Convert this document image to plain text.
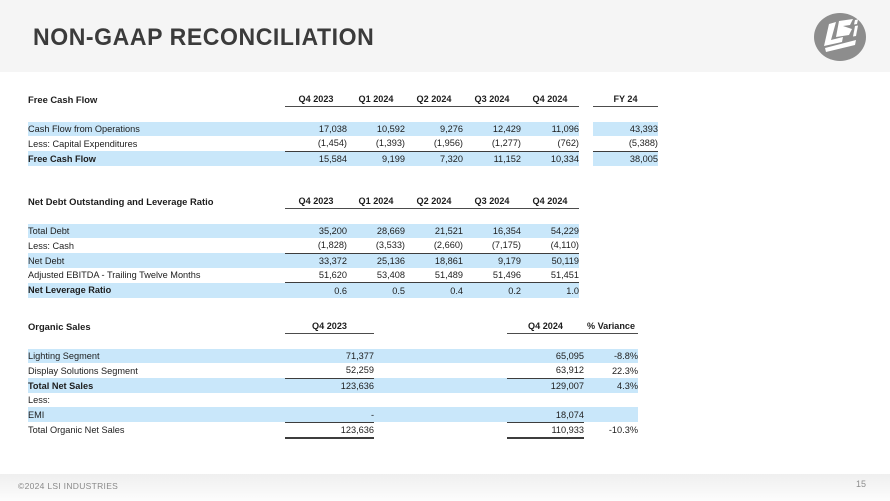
NON-GAAP RECONCILIATION
Free Cash Flow	Q4 2023	Q1 2024	Q2 2024	Q3 2024	Q4 2024		FY 24

Cash Flow from Operations	17,038	10,592	9,276	12,429	11,096		43,393
Less: Capital Expenditures	(1,454)	(1,393)	(1,956)	(1,277)	(762)		(5,388)
Free Cash Flow	15,584	9,199	7,320	11,152	10,334		38,005
Net Debt Outstanding and Leverage Ratio	Q4 2023	Q1 2024	Q2 2024	Q3 2024	Q4 2024

Total Debt	35,200	28,669	21,521	16,354	54,229
Less: Cash	(1,828)	(3,533)	(2,660)	(7,175)	(4,110)
Net Debt	33,372	25,136	18,861	9,179	50,119
Adjusted EBITDA - Trailing Twelve Months	51,620	53,408	51,489	51,496	51,451
Net Leverage Ratio	0.6	0.5	0.4	0.2	1.0
Organic Sales	Q4 2023		Q4 2024	% Variance

Lighting Segment	71,377		65,095	-8.8%
Display Solutions Segment	52,259		63,912	22.3%
Total Net Sales	123,636		129,007	4.3%
Less:				
EMI	-		18,074	
Total Organic Net Sales	123,636		110,933	-10.3%
©2024 LSI INDUSTRIES	15
